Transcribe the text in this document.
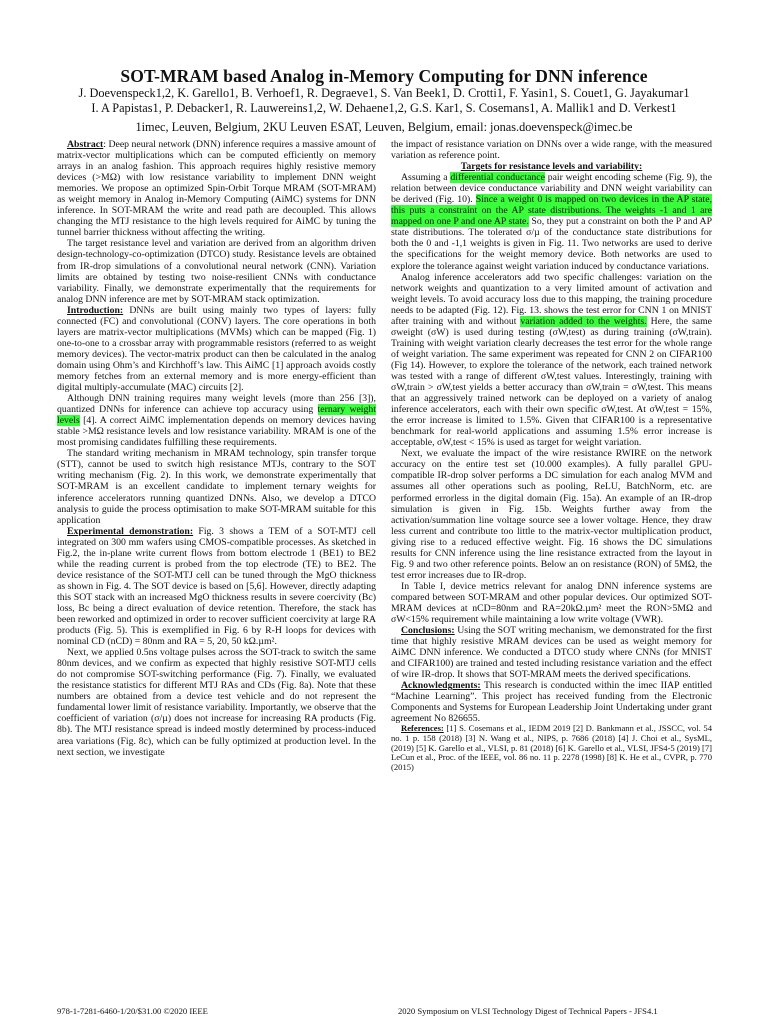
SOT-MRAM based Analog in-Memory Computing for DNN inference
J. Doevenspeck1,2, K. Garello1, B. Verhoef1, R. Degraeve1, S. Van Beek1, D. Crotti1, F. Yasin1, S. Couet1, G. Jayakumar1
I. A Papistas1, P. Debacker1, R. Lauwereins1,2, W. Dehaene1,2, G.S. Kar1, S. Cosemans1, A. Mallik1 and D. Verkest1
1imec, Leuven, Belgium, 2KU Leuven ESAT, Leuven, Belgium, email: jonas.doevenspeck@imec.be

Abstract: Deep neural network (DNN) inference requires a massive amount of matrix-vector multiplications which can be computed efficiently on memory arrays in an analog fashion. This approach requires highly resistive memory devices (>MΩ) with low resistance variability to implement DNN weight memories. We propose an optimized Spin-Orbit Torque MRAM (SOT-MRAM) as weight memory in Analog in-Memory Computing (AiMC) systems for DNN inference. In SOT-MRAM the write and read path are decoupled. This allows changing the MTJ resistance to the high levels required for AiMC by tuning the tunnel barrier thickness without affecting the writing.

The target resistance level and variation are derived from an algorithm driven design-technology-co-optimization (DTCO) study. Resistance levels are obtained from IR-drop simulations of a convolutional neural network (CNN). Variation limits are obtained by testing two noise-resilient CNNs with conductance variability. Finally, we demonstrate experimentally that the requirements for analog DNN inference are met by SOT-MRAM stack optimization.

Introduction: DNNs are built using mainly two types of layers: fully connected (FC) and convolutional (CONV) layers. The core operations in both layers are matrix-vector multiplications (MVMs) which can be mapped (Fig. 1) one-to-one to a crossbar array with programmable resistors (referred to as weight memory devices). The vector-matrix product can then be calculated in the analog domain using Ohm’s and Kirchhoff’s law. This AiMC [1] approach avoids costly memory fetches from an external memory and is more energy-efficient than digital multiply-accumulate (MAC) circuits [2].

Although DNN training requires many weight levels (more than 256 [3]), quantized DNNs for inference can achieve top accuracy using ternary weight levels [4]. A correct AiMC implementation depends on memory devices having stable >MΩ resistance levels and low resistance variability. MRAM is one of the most promising candidates fulfilling these requirements.

The standard writing mechanism in MRAM technology, spin transfer torque (STT), cannot be used to switch high resistance MTJs, contrary to the SOT writing mechanism (Fig. 2). In this work, we demonstrate experimentally that SOT-MRAM is an excellent candidate to implement ternary weights for inference accelerators running quantized DNNs. Also, we develop a DTCO analysis to guide the process optimisation to make SOT-MRAM suitable for this application

Experimental demonstration: Fig. 3 shows a TEM of a SOT-MTJ cell integrated on 300 mm wafers using CMOS-compatible processes. As sketched in Fig.2, the in-plane write current flows from bottom electrode 1 (BE1) to BE2 while the reading current is probed from the top electrode (TE) to BE2. The device resistance of the SOT-MTJ cell can be tuned through the MgO thickness as shown in Fig. 4. The SOT device is based on [5,6]. However, directly adapting this SOT stack with an increased MgO thickness results in severe coercivity (Bc) loss, Bc being a direct evaluation of device retention. Therefore, the stack has been reworked and optimized in order to recover sufficient coercivity at large RA products (Fig. 5). This is exemplified in Fig. 6 by R-H loops for devices with nominal CD (nCD) = 80nm and RA = 5, 20, 50 kΩ.µm².

Next, we applied 0.5ns voltage pulses across the SOT-track to switch the same 80nm devices, and we confirm as expected that highly resistive SOT-MTJ cells do not compromise SOT-switching performance (Fig. 7). Finally, we evaluated the resistance statistics for different MTJ RAs and CDs (Fig. 8a). Note that these numbers are obtained from a device test vehicle and do not represent the fundamental lower limit of resistance variability. Importantly, we observe that the coefficient of variation (σ/µ) does not increase for increasing RA products (Fig. 8b). The MTJ resistance spread is indeed mostly determined by process-induced area variations (Fig. 8c), which can be fully optimized at production level. In the next section, we investigate

the impact of resistance variation on DNNs over a wide range, with the measured variation as reference point.

Targets for resistance levels and variability:

Assuming a differential conductance pair weight encoding scheme (Fig. 9), the relation between device conductance variability and DNN weight variability can be derived (Fig. 10). Since a weight 0 is mapped on two devices in the AP state, this puts a constraint on the AP state distributions. The weights -1 and 1 are mapped on one P and one AP state. So, they put a constraint on both the P and AP state distributions. The tolerated σ/µ of the conductance state distributions for both the 0 and -1,1 weights is given in Fig. 11. Two networks are used to derive the specifications for the weight memory device. Both networks are used to explore the tolerance against weight variation induced by conductance variations.

Analog inference accelerators add two specific challenges: variation on the network weights and quantization to a very limited amount of activation and weight levels. To avoid accuracy loss due to this mapping, the training procedure needs to be adapted (Fig. 12). Fig. 13. shows the test error for CNN 1 on MNIST after training with and without variation added to the weights. Here, the same σweight (σW) is used during testing (σW,test) as during training (σW,train). Training with weight variation clearly decreases the test error for the whole range of weight variation. The same experiment was repeated for CNN 2 on CIFAR100 (Fig 14). However, to explore the tolerance of the network, each trained network was tested with a range of different σW,test values. Interestingly, training with σW,train > σW,test yields a better accuracy than σW,train = σW,test. This means that an aggressively trained network can be deployed on a variety of analog inference accelerators, each with their own specific σW,test. At σW,test = 15%, the error increase is limited to 1.5%. Given that CIFAR100 is a representative benchmark for real-world applications and assuming 1.5% error increase is acceptable, σW,test < 15% is used as target for weight variation.

Next, we evaluate the impact of the wire resistance RWIRE on the network accuracy on the entire test set (10.000 examples). A fully parallel GPU-compatible IR-drop solver performs a DC simulation for each analog MVM and assumes all other operations such as pooling, ReLU, BatchNorm, etc. are performed errorless in the digital domain (Fig. 15a). An example of an IR-drop simulation is given in Fig. 15b. Weights further away from the activation/summation line voltage source see a lower voltage. Hence, they draw less current and contribute too little to the matrix-vector multiplication product, giving rise to a reduced effective weight. Fig. 16 shows the DC simulations results for CNN inference using the line resistance extracted from the layout in Fig. 9 and two other reference points. Below an on resistance (RON) of 5MΩ, the test error increases due to IR-drop.

In Table I, device metrics relevant for analog DNN inference systems are compared between SOT-MRAM and other popular devices. Our optimized SOT-MRAM devices at nCD=80nm and RA=20kΩ.µm² meet the RON>5MΩ and σW<15% requirement while maintaining a low write voltage (VWR).

Conclusions: Using the SOT writing mechanism, we demonstrated for the first time that highly resistive MRAM devices can be used as weight memory for AiMC DNN inference. We conducted a DTCO study where CNNs (for MNIST and CIFAR100) are trained and tested including resistance variation and the effect of wire IR-drop. It shows that SOT-MRAM meets the derived specifications.

Acknowledgments: This research is conducted within the imec IIAP entitled “Machine Learning”. This project has received funding from the Electronic Components and Systems for European Leadership Joint Undertaking under grant agreement No 826655.

References: [1] S. Cosemans et al., IEDM 2019 [2] D. Bankmann et al., JSSCC, vol. 54 no. 1 p. 158 (2018) [3] N. Wang et al., NIPS, p. 7686 (2018) [4] J. Choi et al., SysML, (2019) [5] K. Garello et al., VLSI, p. 81 (2018) [6] K. Garello et al., VLSI, JFS4-5 (2019) [7] LeCun et al., Proc. of the IEEE, vol. 86 no. 11 p. 2278 (1998) [8] K. He et al., CVPR, p. 770 (2015)

978-1-7281-6460-1/20/$31.00 ©2020 IEEE	2020 Symposium on VLSI Technology Digest of Technical Papers - JFS4.1
